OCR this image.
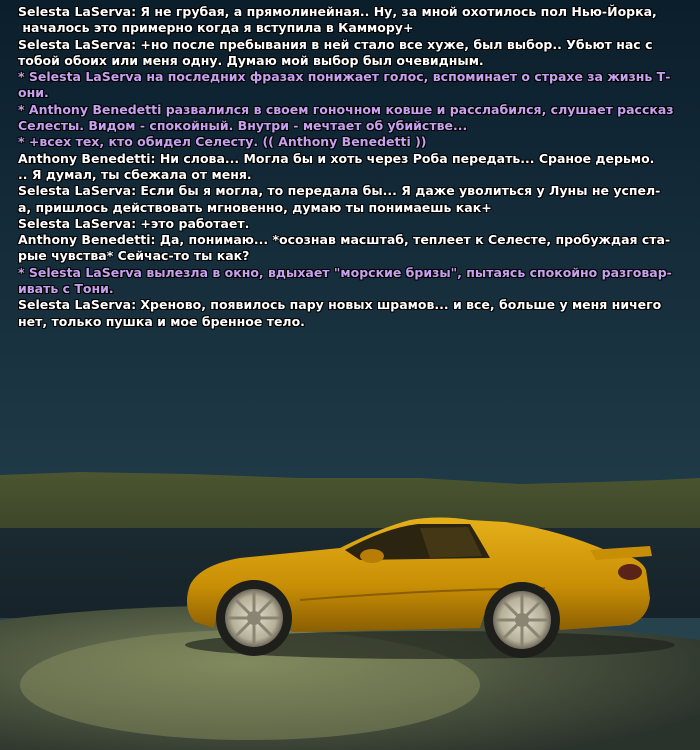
Selesta LaServa: Я не грубая, а прямолинейная.. Ну, за мной охотилось пол Нью-Йорка,
началось это примерно когда я вступила в Каммору+
Selesta LaServa: +но после пребывания в ней стало все хуже, был выбор.. Убьют нас с
тобой обоих или меня одну. Думаю мой выбор был очевидным.
* Selesta LaServa на последних фразах понижает голос, вспоминает о страхе за жизнь Т-
они.
* Anthony Benedetti развалился в своем гоночном ковше и расслабился, слушает рассказ
Селесты. Видом - спокойный. Внутри - мечтает об убийстве...
* +всех тех, кто обидел Селесту. (( Anthony Benedetti ))
Anthony Benedetti: Ни слова... Могла бы и хоть через Роба передать... Сраное дерьмо.
.. Я думал, ты сбежала от меня.
Selesta LaServa: Если бы я могла, то передала бы... Я даже уволиться у Луны не успел-
а, пришлось действовать мгновенно, думаю ты понимаешь как+
Selesta LaServa: +это работает.
Anthony Benedetti: Да, понимаю... *осознав масштаб, теплеет к Селесте, пробуждая ста-
рые чувства* Сейчас-то ты как?
* Selesta LaServa вылезла в окно, вдыхает "морские бризы", пытаясь спокойно разговар-
ивать с Тони.
Selesta LaServa: Хреново, появилось пару новых шрамов... и все, больше у меня ничего
нет, только пушка и мое бренное тело.
